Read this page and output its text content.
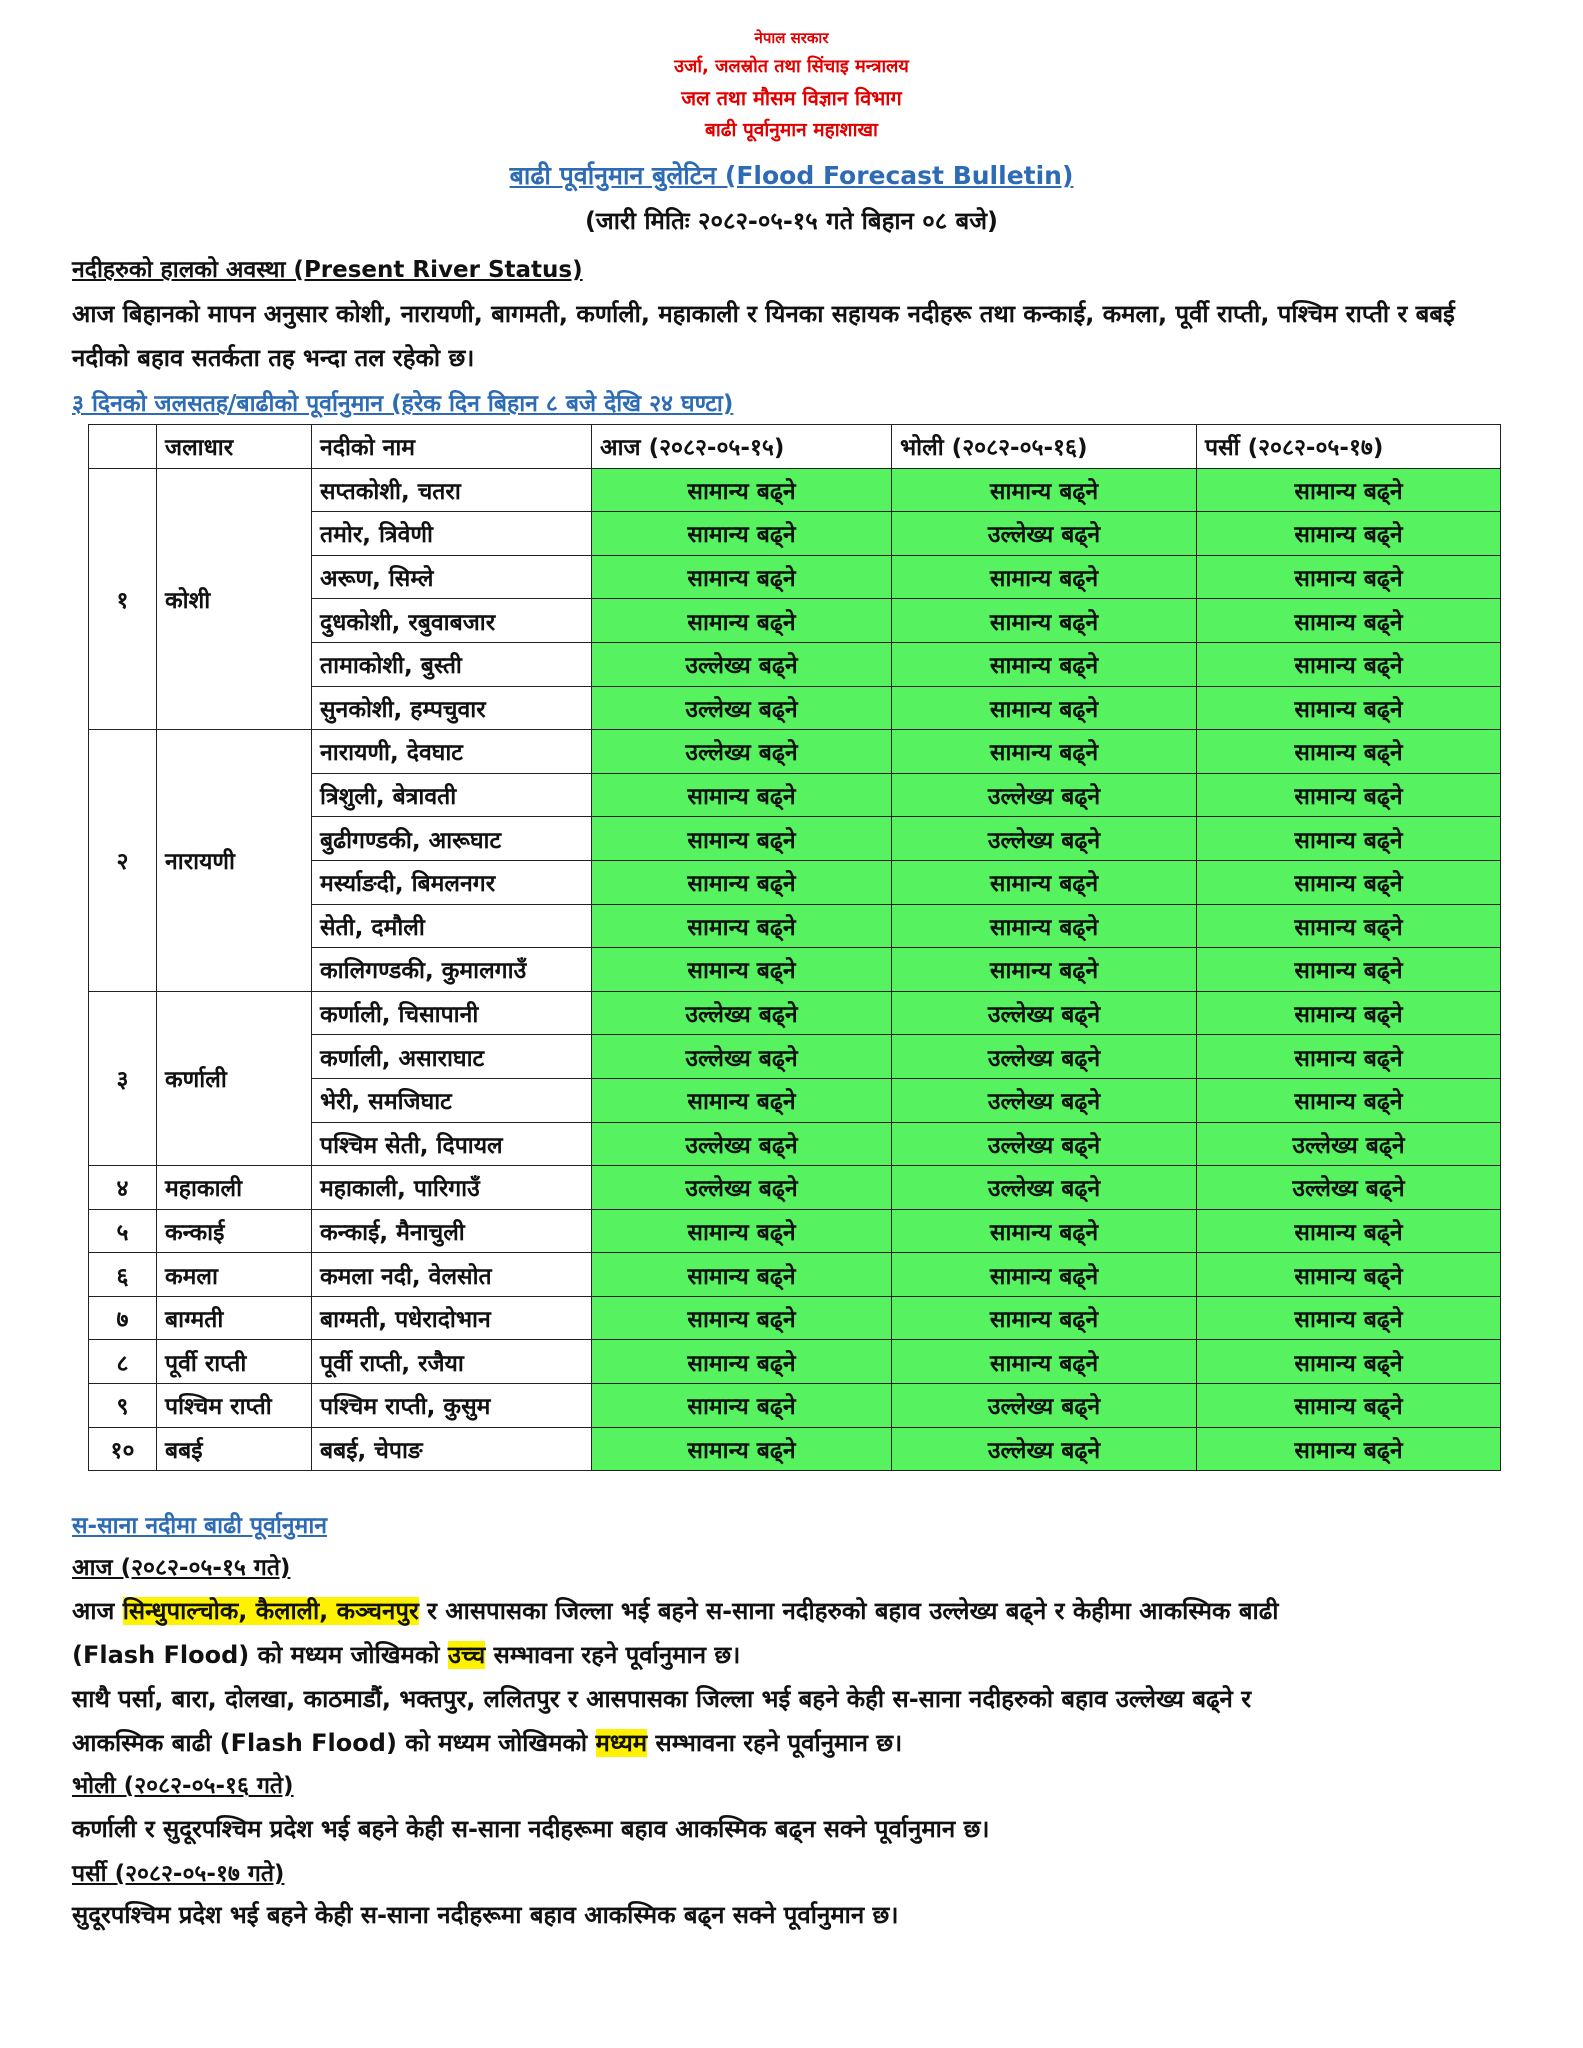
नेपाल सरकार
उर्जा, जलस्रोत तथा सिंचाइ मन्त्रालय
जल तथा मौसम विज्ञान विभाग
बाढी पूर्वानुमान महाशाखा
बाढी पूर्वानुमान बुलेटिन (Flood Forecast Bulletin)
(जारी मितिः २०८२-०५-१५ गते बिहान ०८ बजे)
नदीहरुको हालको अवस्था (Present River Status)
आज बिहानको मापन अनुसार कोशी, नारायणी, बागमती, कर्णाली, महाकाली र यिनका सहायक नदीहरू तथा कन्काई, कमला, पूर्वी राप्ती, पश्चिम राप्ती र बबई नदीको बहाव सतर्कता तह भन्दा तल रहेको छ।
३ दिनको जलसतह/बाढीको पूर्वानुमान (हरेक दिन बिहान ८ बजे देखि २४ घण्टा)
	जलाधार	नदीको नाम	आज (२०८२-०५-१५)	भोली (२०८२-०५-१६)	पर्सी (२०८२-०५-१७)
१	कोशी	सप्तकोशी, चतरा	सामान्य बढ्ने	सामान्य बढ्ने	सामान्य बढ्ने
		तमोर, त्रिवेणी	सामान्य बढ्ने	उल्लेख्य बढ्ने	सामान्य बढ्ने
		अरूण, सिम्ले	सामान्य बढ्ने	सामान्य बढ्ने	सामान्य बढ्ने
		दुधकोशी, रबुवाबजार	सामान्य बढ्ने	सामान्य बढ्ने	सामान्य बढ्ने
		तामाकोशी, बुस्ती	उल्लेख्य बढ्ने	सामान्य बढ्ने	सामान्य बढ्ने
		सुनकोशी, हम्पचुवार	उल्लेख्य बढ्ने	सामान्य बढ्ने	सामान्य बढ्ने
२	नारायणी	नारायणी, देवघाट	उल्लेख्य बढ्ने	सामान्य बढ्ने	सामान्य बढ्ने
		त्रिशुली, बेत्रावती	सामान्य बढ्ने	उल्लेख्य बढ्ने	सामान्य बढ्ने
		बुढीगण्डकी, आरूघाट	सामान्य बढ्ने	उल्लेख्य बढ्ने	सामान्य बढ्ने
		मर्स्याङदी, बिमलनगर	सामान्य बढ्ने	सामान्य बढ्ने	सामान्य बढ्ने
		सेती, दमौली	सामान्य बढ्ने	सामान्य बढ्ने	सामान्य बढ्ने
		कालिगण्डकी, कुमालगाउँ	सामान्य बढ्ने	सामान्य बढ्ने	सामान्य बढ्ने
३	कर्णाली	कर्णाली, चिसापानी	उल्लेख्य बढ्ने	उल्लेख्य बढ्ने	सामान्य बढ्ने
		कर्णाली, असाराघाट	उल्लेख्य बढ्ने	उल्लेख्य बढ्ने	सामान्य बढ्ने
		भेरी, समजिघाट	सामान्य बढ्ने	उल्लेख्य बढ्ने	सामान्य बढ्ने
		पश्चिम सेती, दिपायल	उल्लेख्य बढ्ने	उल्लेख्य बढ्ने	उल्लेख्य बढ्ने
४	महाकाली	महाकाली, पारिगाउँ	उल्लेख्य बढ्ने	उल्लेख्य बढ्ने	उल्लेख्य बढ्ने
५	कन्काई	कन्काई, मैनाचुली	सामान्य बढ्ने	सामान्य बढ्ने	सामान्य बढ्ने
६	कमला	कमला नदी, वेलसोत	सामान्य बढ्ने	सामान्य बढ्ने	सामान्य बढ्ने
७	बाग्मती	बाग्मती, पधेरादोभान	सामान्य बढ्ने	सामान्य बढ्ने	सामान्य बढ्ने
८	पूर्वी राप्ती	पूर्वी राप्ती, रजैया	सामान्य बढ्ने	सामान्य बढ्ने	सामान्य बढ्ने
९	पश्चिम राप्ती	पश्चिम राप्ती, कुसुम	सामान्य बढ्ने	उल्लेख्य बढ्ने	सामान्य बढ्ने
१०	बबई	बबई, चेपाङ	सामान्य बढ्ने	उल्लेख्य बढ्ने	सामान्य बढ्ने
स-साना नदीमा बाढी पूर्वानुमान
आज (२०८२-०५-१५ गते)
आज सिन्धुपाल्चोक, कैलाली, कञ्चनपुर र आसपासका जिल्ला भई बहने स-साना नदीहरुको बहाव उल्लेख्य बढ्ने र केहीमा आकस्मिक बाढी
(Flash Flood) को मध्यम जोखिमको उच्च सम्भावना रहने पूर्वानुमान छ।
साथै पर्सा, बारा, दोलखा, काठमाडौं, भक्तपुर, ललितपुर र आसपासका जिल्ला भई बहने केही स-साना नदीहरुको बहाव उल्लेख्य बढ्ने र
आकस्मिक बाढी (Flash Flood) को मध्यम जोखिमको मध्यम सम्भावना रहने पूर्वानुमान छ।
भोली (२०८२-०५-१६ गते)
कर्णाली र सुदूरपश्चिम प्रदेश भई बहने केही स-साना नदीहरूमा बहाव आकस्मिक बढ्न सक्ने पूर्वानुमान छ।
पर्सी (२०८२-०५-१७ गते)
सुदूरपश्चिम प्रदेश भई बहने केही स-साना नदीहरूमा बहाव आकस्मिक बढ्न सक्ने पूर्वानुमान छ।
